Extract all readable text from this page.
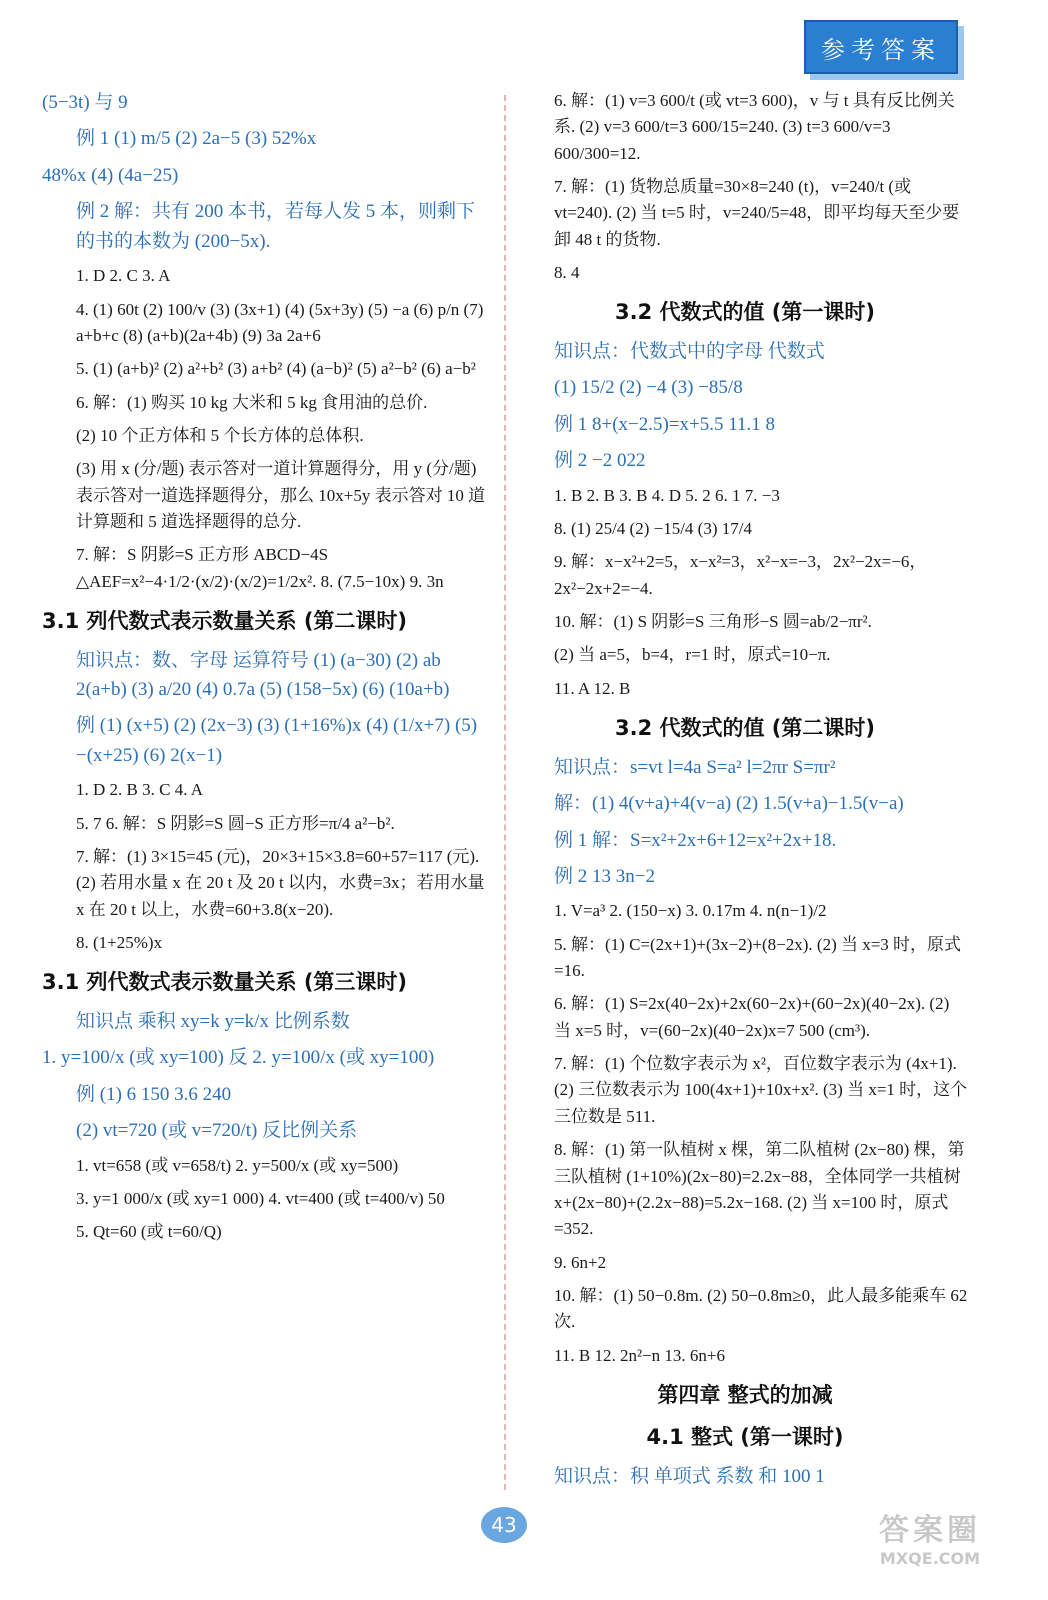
参考答案
(5−3t) 与 9
例 1 (1) m/5 (2) 2a−5 (3) 52%x
48%x (4) (4a−25)
例 2 解：共有 200 本书，若每人发 5 本，则剩下的书的本数为 (200−5x).
1. D 2. C 3. A
4. (1) 60t (2) 100/v (3) (3x+1) (4) (5x+3y) (5) −a (6) p/n (7) a+b+c (8) (a+b)(2a+4b) (9) 3a 2a+6
5. (1) (a+b)² (2) a²+b² (3) a+b² (4) (a−b)² (5) a²−b² (6) a−b²
6. 解：(1) 购买 10 kg 大米和 5 kg 食用油的总价.
(2) 10 个正方体和 5 个长方体的总体积.
(3) 用 x (分/题) 表示答对一道计算题得分，用 y (分/题) 表示答对一道选择题得分，那么 10x+5y 表示答对 10 道计算题和 5 道选择题得的总分.
7. 解：S 阴影=S 正方形 ABCD−4S △AEF=x²−4·1/2·(x/2)·(x/2)=1/2x². 8. (7.5−10x) 9. 3n
3.1 列代数式表示数量关系 (第二课时)
知识点：数、字母 运算符号 (1) (a−30) (2) ab 2(a+b) (3) a/20 (4) 0.7a (5) (158−5x) (6) (10a+b)
例 (1) (x+5) (2) (2x−3) (3) (1+16%)x (4) (1/x+7) (5) −(x+25) (6) 2(x−1)
1. D 2. B 3. C 4. A
5. 7 6. 解：S 阴影=S 圆−S 正方形=π/4 a²−b².
7. 解：(1) 3×15=45 (元)，20×3+15×3.8=60+57=117 (元). (2) 若用水量 x 在 20 t 及 20 t 以内，水费=3x；若用水量 x 在 20 t 以上，水费=60+3.8(x−20).
8. (1+25%)x
3.1 列代数式表示数量关系 (第三课时)
知识点 乘积 xy=k y=k/x 比例系数
1. y=100/x (或 xy=100) 反 2. y=100/x (或 xy=100)
例 (1) 6 150 3.6 240
(2) vt=720 (或 v=720/t) 反比例关系
1. vt=658 (或 v=658/t) 2. y=500/x (或 xy=500)
3. y=1 000/x (或 xy=1 000) 4. vt=400 (或 t=400/v) 50
5. Qt=60 (或 t=60/Q)
6. 解：(1) v=3 600/t (或 vt=3 600)，v 与 t 具有反比例关系. (2) v=3 600/t=3 600/15=240. (3) t=3 600/v=3 600/300=12.
7. 解：(1) 货物总质量=30×8=240 (t)，v=240/t (或 vt=240). (2) 当 t=5 时，v=240/5=48，即平均每天至少要卸 48 t 的货物.
8. 4
3.2 代数式的值 (第一课时)
知识点：代数式中的字母 代数式
(1) 15/2 (2) −4 (3) −85/8
例 1 8+(x−2.5)=x+5.5 11.1 8
例 2 −2 022
1. B 2. B 3. B 4. D 5. 2 6. 1 7. −3
8. (1) 25/4 (2) −15/4 (3) 17/4
9. 解：x−x²+2=5，x−x²=3，x²−x=−3，2x²−2x=−6，2x²−2x+2=−4.
10. 解：(1) S 阴影=S 三角形−S 圆=ab/2−πr².
(2) 当 a=5，b=4，r=1 时，原式=10−π.
11. A 12. B
3.2 代数式的值 (第二课时)
知识点：s=vt l=4a S=a² l=2πr S=πr²
解：(1) 4(v+a)+4(v−a) (2) 1.5(v+a)−1.5(v−a)
例 1 解：S=x²+2x+6+12=x²+2x+18.
例 2 13 3n−2
1. V=a³ 2. (150−x) 3. 0.17m 4. n(n−1)/2
5. 解：(1) C=(2x+1)+(3x−2)+(8−2x). (2) 当 x=3 时，原式=16.
6. 解：(1) S=2x(40−2x)+2x(60−2x)+(60−2x)(40−2x). (2) 当 x=5 时，v=(60−2x)(40−2x)x=7 500 (cm³).
7. 解：(1) 个位数字表示为 x²，百位数字表示为 (4x+1). (2) 三位数表示为 100(4x+1)+10x+x². (3) 当 x=1 时，这个三位数是 511.
8. 解：(1) 第一队植树 x 棵，第二队植树 (2x−80) 棵，第三队植树 (1+10%)(2x−80)=2.2x−88，全体同学一共植树 x+(2x−80)+(2.2x−88)=5.2x−168. (2) 当 x=100 时，原式=352.
9. 6n+2
10. 解：(1) 50−0.8m. (2) 50−0.8m≥0，此人最多能乘车 62 次.
11. B 12. 2n²−n 13. 6n+6
第四章 整式的加减
4.1 整式 (第一课时)
知识点：积 单项式 系数 和 100 1
43	答案圈
MXQE.COM
